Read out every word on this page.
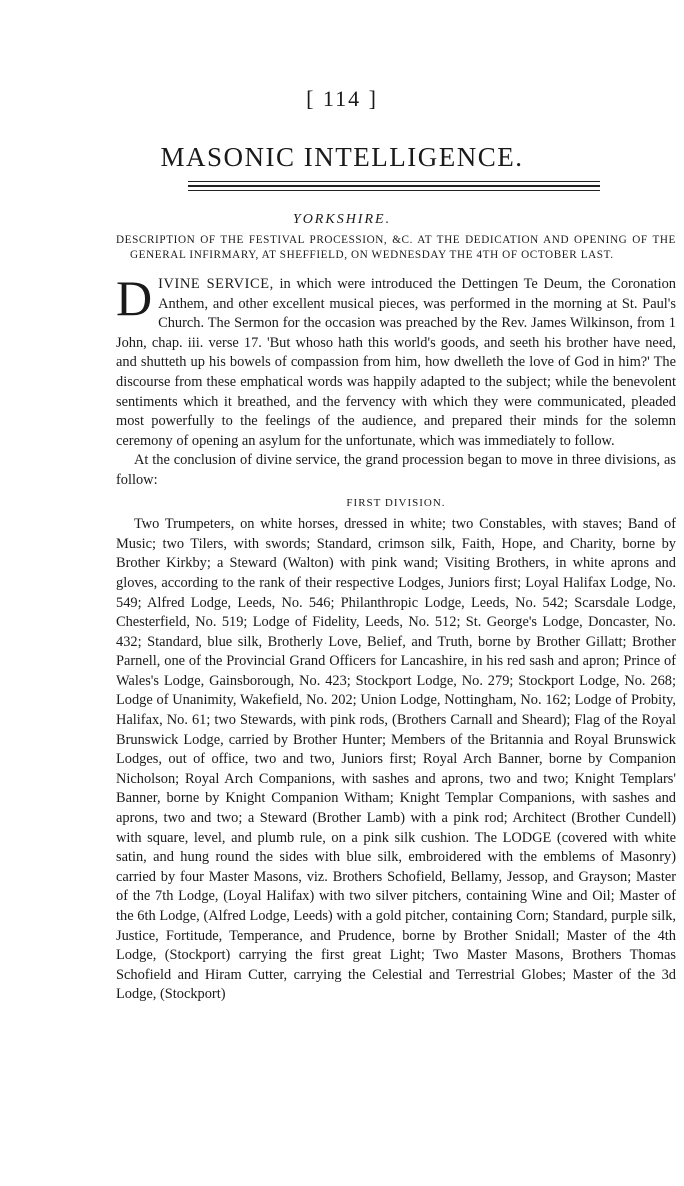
[ 114 ]
MASONIC INTELLIGENCE.
YORKSHIRE.

DESCRIPTION OF THE FESTIVAL PROCESSION, &C. AT THE DEDICATION AND OPENING OF THE GENERAL INFIRMARY, AT SHEFFIELD, ON WEDNESDAY THE 4TH OF OCTOBER LAST.

DIVINE SERVICE, in which were introduced the Dettingen Te Deum, the Coronation Anthem, and other excellent musical pieces, was performed in the morning at St. Paul's Church. The Sermon for the occasion was preached by the Rev. James Wilkinson, from 1 John, chap. iii. verse 17. 'But whoso hath this world's goods, and seeth his brother have need, and shutteth up his bowels of compassion from him, how dwelleth the love of God in him?' The discourse from these emphatical words was happily adapted to the subject; while the benevolent sentiments which it breathed, and the fervency with which they were communicated, pleaded most powerfully to the feelings of the audience, and prepared their minds for the solemn ceremony of opening an asylum for the unfortunate, which was immediately to follow.

At the conclusion of divine service, the grand procession began to move in three divisions, as follow:

FIRST DIVISION.

Two Trumpeters, on white horses, dressed in white; two Constables, with staves; Band of Music; two Tilers, with swords; Standard, crimson silk, Faith, Hope, and Charity, borne by Brother Kirkby; a Steward (Walton) with pink wand; Visiting Brothers, in white aprons and gloves, according to the rank of their respective Lodges, Juniors first; Loyal Halifax Lodge, No. 549; Alfred Lodge, Leeds, No. 546; Philanthropic Lodge, Leeds, No. 542; Scarsdale Lodge, Chesterfield, No. 519; Lodge of Fidelity, Leeds, No. 512; St. George's Lodge, Doncaster, No. 432; Standard, blue silk, Brotherly Love, Belief, and Truth, borne by Brother Gillatt; Brother Parnell, one of the Provincial Grand Officers for Lancashire, in his red sash and apron; Prince of Wales's Lodge, Gainsborough, No. 423; Stockport Lodge, No. 279; Stockport Lodge, No. 268; Lodge of Unanimity, Wakefield, No. 202; Union Lodge, Nottingham, No. 162; Lodge of Probity, Halifax, No. 61; two Stewards, with pink rods, (Brothers Carnall and Sheard); Flag of the Royal Brunswick Lodge, carried by Brother Hunter; Members of the Britannia and Royal Brunswick Lodges, out of office, two and two, Juniors first; Royal Arch Banner, borne by Companion Nicholson; Royal Arch Companions, with sashes and aprons, two and two; Knight Templars' Banner, borne by Knight Companion Witham; Knight Templar Companions, with sashes and aprons, two and two; a Steward (Brother Lamb) with a pink rod; Architect (Brother Cundell) with square, level, and plumb rule, on a pink silk cushion. The LODGE (covered with white satin, and hung round the sides with blue silk, embroidered with the emblems of Masonry) carried by four Master Masons, viz. Brothers Schofield, Bellamy, Jessop, and Grayson; Master of the 7th Lodge, (Loyal Halifax) with two silver pitchers, containing Wine and Oil; Master of the 6th Lodge, (Alfred Lodge, Leeds) with a gold pitcher, containing Corn; Standard, purple silk, Justice, Fortitude, Temperance, and Prudence, borne by Brother Snidall; Master of the 4th Lodge, (Stockport) carrying the first great Light; Two Master Masons, Brothers Thomas Schofield and Hiram Cutter, carrying the Celestial and Terrestrial Globes; Master of the 3d Lodge, (Stockport)
